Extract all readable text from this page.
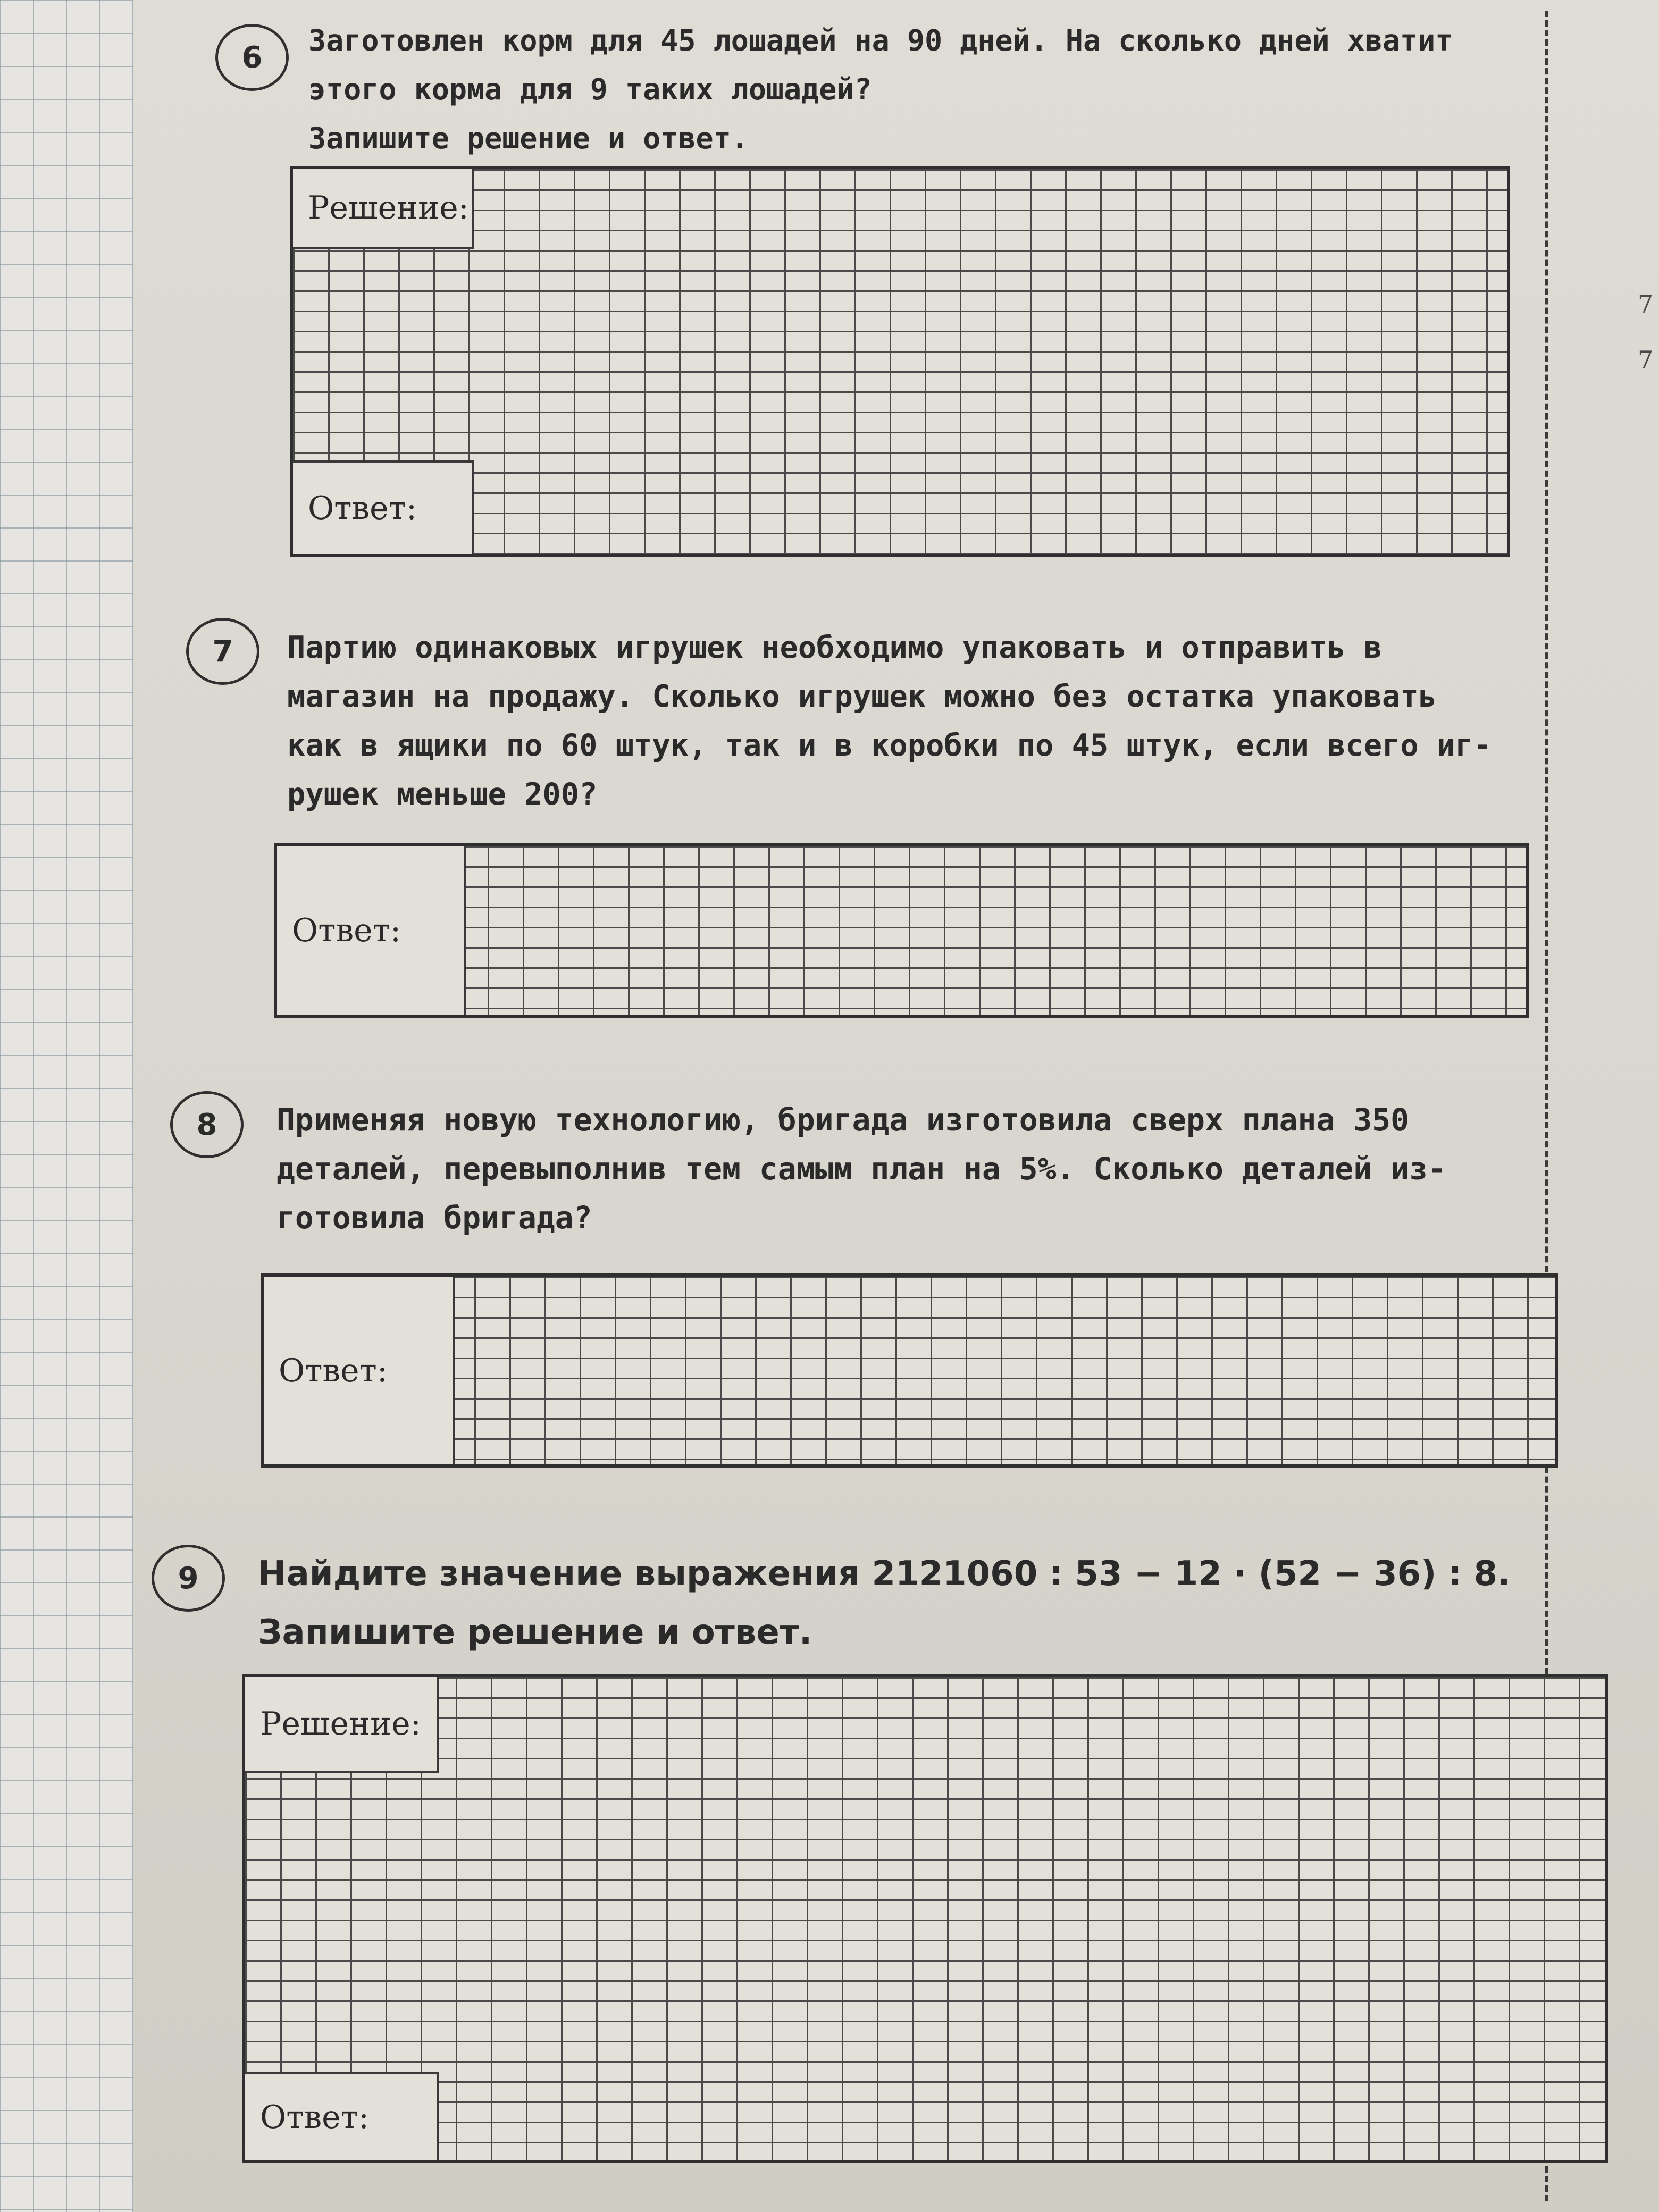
7
7
6	Заготовлен корм для 45 лошадей на 90 дней. На сколько дней хватит
этого корма для 9 таких лошадей?
Запишите решение и ответ.
Решение:
Ответ:
7	Партию одинаковых игрушек необходимо упаковать и отправить в
магазин на продажу. Сколько игрушек можно без остатка упаковать
как в ящики по 60 штук, так и в коробки по 45 штук, если всего иг-
рушек меньше 200?
Ответ:
8	Применяя новую технологию, бригада изготовила сверх плана 350
деталей, перевыполнив тем самым план на 5%. Сколько деталей из-
готовила бригада?
Ответ:
9	Найдите значение выражения 2121060 : 53 − 12 · (52 − 36) : 8.
Запишите решение и ответ.
Решение:
Ответ:
